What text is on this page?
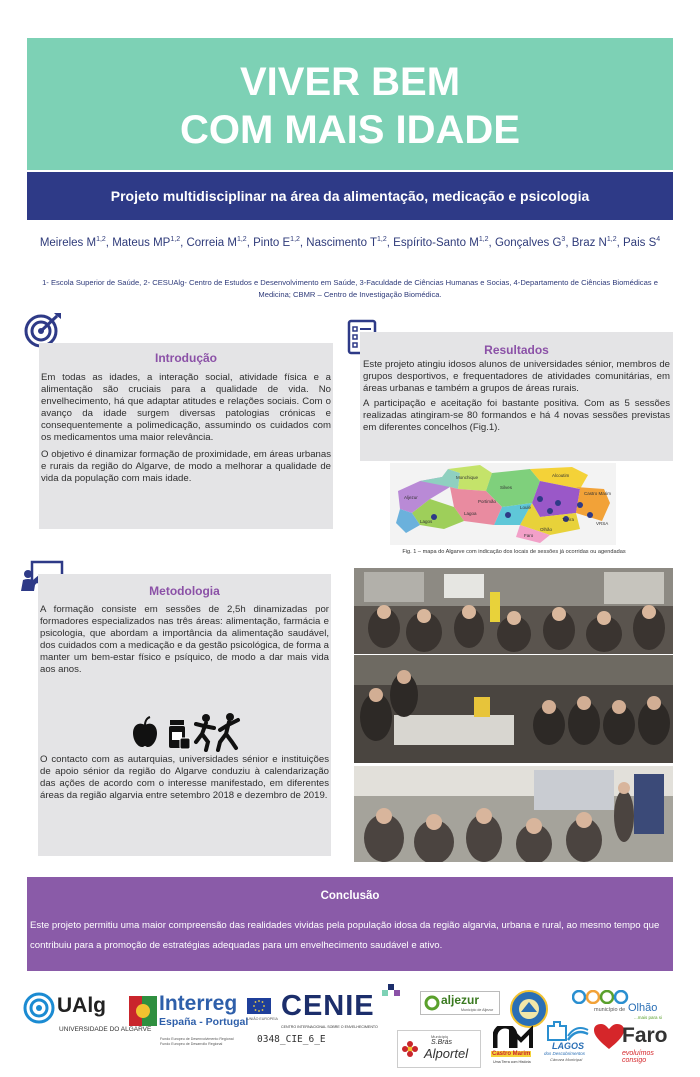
VIVER BEM
COM MAIS IDADE
Projeto multidisciplinar na área da alimentação, medicação e psicologia
Meireles M$^{1,2}$, Mateus MP$^{1,2}$, Correia M$^{1,2}$, Pinto E$^{1,2}$, Nascimento T$^{1,2}$, Espírito-Santo M$^{1,2}$, Gonçalves $G^3$, Braz N$^{1,2}$, Pais $S^4$
1- Escola Superior de Saúde, 2- CESUAlg- Centro de Estudos e Desenvolvimento em Saúde, 3-Faculdade de Ciências Humanas e Socias, 4-Departamento de Ciências Biomédicas e Medicina; CBMR – Centro de Investigação Biomédica.
Introdução

Em todas as idades, a interação social, atividade física e a alimentação são cruciais para a qualidade de vida. No envelhecimento, há que adaptar atitudes e relações sociais. Com o avanço da idade surgem diversas patologias crónicas e consequentemente a polimedicação, assumindo os cuidados com os medicamentos uma maior relevância.

O objetivo é dinamizar formação de proximidade, em áreas urbanas e rurais da região do Algarve, de modo a melhorar a qualidade de vida da população com mais idade.

Resultados

Este projeto atingiu idosos alunos de universidades sénior, membros de grupos desportivos, e frequentadores de atividades comunitárias, em áreas urbanas e também a grupos de áreas rurais.

A participação e aceitação foi bastante positiva. Com as 5 sessões realizadas atingiram-se 80 formandos e há 4 novas sessões previstas em diferentes concelhos (Fig.1).

Aljezur
Monchique
Silves
Loulé
Alcoutim
Castro Marim
Tavira
Olhão
Faro
Lagoa
Lagos
Portimão
VRSA
Fig. 1 – mapa do Algarve com indicação dos locais de sessões já ocorridas ou agendadas
Metodologia

A formação consiste em sessões de 2,5h dinamizadas por formadores especializados nas três áreas: alimentação, farmácia e psicologia, que abordam a importância da alimentação saudável, dos cuidados com a medicação e da gestão psicológica, de forma a manter um bem-estar físico e psíquico, de modo a dar mais vida aos anos.

O contacto com as autarquias, universidades sénior e instituições de apoio sénior da região do Algarve conduziu à calendarização das ações de acordo com o interesse manifestado, em diferentes áreas da região algarvia entre setembro 2018 e dezembro de 2019.

Conclusão
Este projeto permitiu uma maior compreensão das realidades vividas pela população idosa da região algarvia, urbana e rural, ao mesmo tempo que contribuiu para a promoção de estratégias adequadas para um envelhecimento saudável e ativo.
UAlg
UNIVERSIDADE DO ALGARVE
Interreg
España - Portugal
Fundo Europeu de Desenvolvimento Regional
Fundo Europeu de Desarrollo Regional
UNIÃO EUROPEIA CENIE
CENTRO INTERNACIONAL SOBRE O ENVELHECIMENTO
0348_CIE_6_E
aljezur
Município de Aljezur	município de Olhão
...mais para si
Município
S.Brás
Alportel	Castro Marim
Uma Terra com História
LAGOS
dos Descobrimentos
Câmara Municipal
Faro
evoluímos consigo
